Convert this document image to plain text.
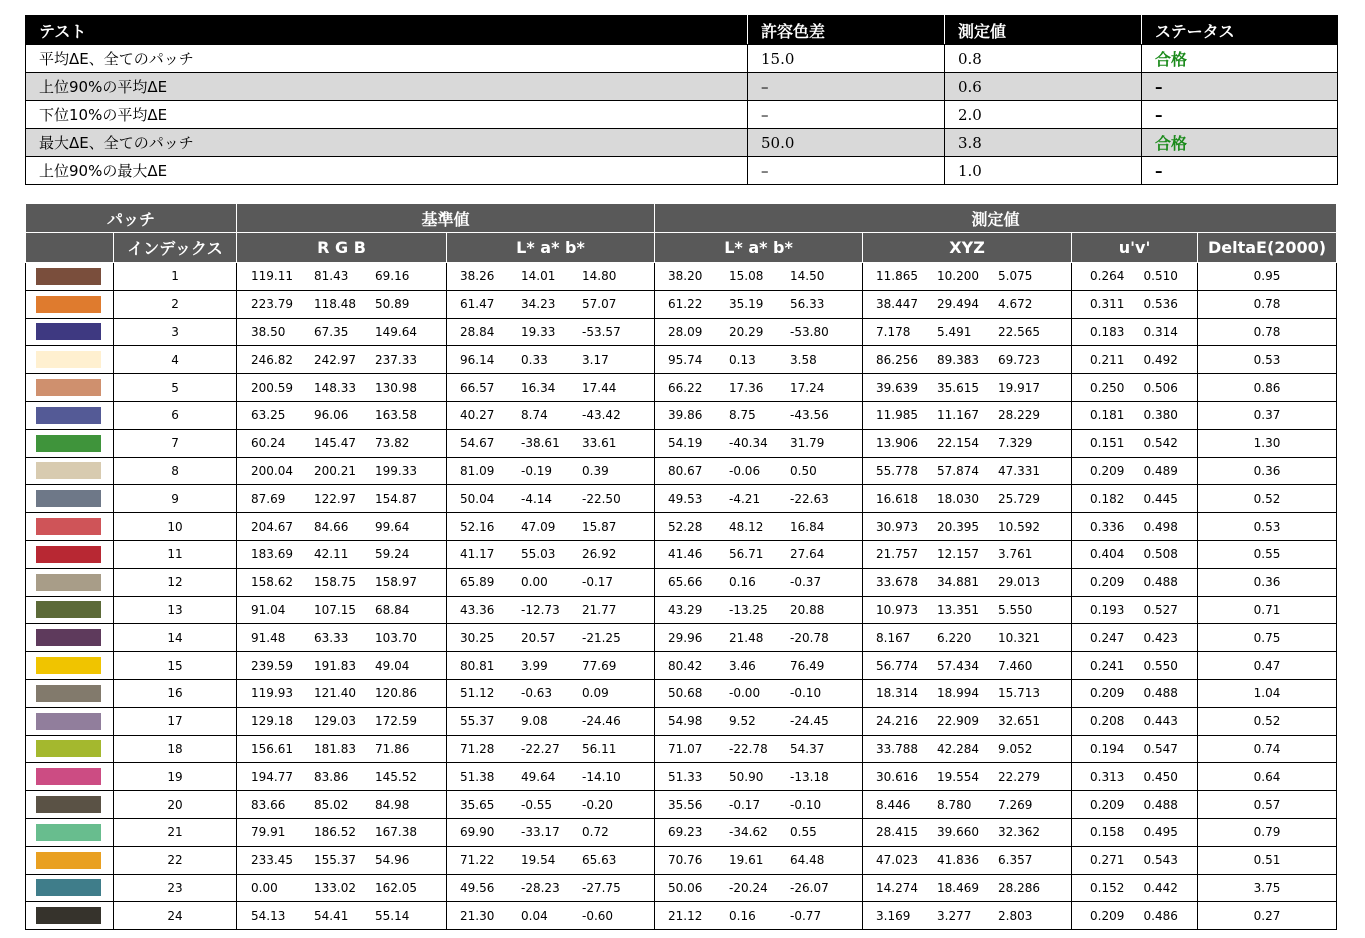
テスト	許容色差	測定値	ステータス
平均ΔE、全てのパッチ	15.0	0.8	合格
上位90%の平均ΔE	–	0.6	–
下位10%の平均ΔE	–	2.0	–
最大ΔE、全てのパッチ	50.0	3.8	合格
上位90%の最大ΔE	–	1.0	–
パッチ		基準値		測定値			
	インデックス	R G B	L* a* b*	L* a* b*	XYZ	u'v'	DeltaE(2000)

	1	119.11 81.43 69.16	38.26 14.01 14.80	38.20 15.08 14.50	11.865 10.200 5.075	0.264 0.510	0.95

	2	223.79 118.48 50.89	61.47 34.23 57.07	61.22 35.19 56.33	38.447 29.494 4.672	0.311 0.536	0.78

	3	38.50 67.35 149.64	28.84 19.33 -53.57	28.09 20.29 -53.80	7.178 5.491 22.565	0.183 0.314	0.78

	4	246.82 242.97 237.33	96.14 0.33 3.17	95.74 0.13 3.58	86.256 89.383 69.723	0.211 0.492	0.53

	5	200.59 148.33 130.98	66.57 16.34 17.44	66.22 17.36 17.24	39.639 35.615 19.917	0.250 0.506	0.86

	6	63.25 96.06 163.58	40.27 8.74 -43.42	39.86 8.75 -43.56	11.985 11.167 28.229	0.181 0.380	0.37

	7	60.24 145.47 73.82	54.67 -38.61 33.61	54.19 -40.34 31.79	13.906 22.154 7.329	0.151 0.542	1.30

	8	200.04 200.21 199.33	81.09 -0.19 0.39	80.67 -0.06 0.50	55.778 57.874 47.331	0.209 0.489	0.36

	9	87.69 122.97 154.87	50.04 -4.14 -22.50	49.53 -4.21 -22.63	16.618 18.030 25.729	0.182 0.445	0.52

	10	204.67 84.66 99.64	52.16 47.09 15.87	52.28 48.12 16.84	30.973 20.395 10.592	0.336 0.498	0.53

	11	183.69 42.11 59.24	41.17 55.03 26.92	41.46 56.71 27.64	21.757 12.157 3.761	0.404 0.508	0.55

	12	158.62 158.75 158.97	65.89 0.00 -0.17	65.66 0.16 -0.37	33.678 34.881 29.013	0.209 0.488	0.36

	13	91.04 107.15 68.84	43.36 -12.73 21.77	43.29 -13.25 20.88	10.973 13.351 5.550	0.193 0.527	0.71

	14	91.48 63.33 103.70	30.25 20.57 -21.25	29.96 21.48 -20.78	8.167 6.220 10.321	0.247 0.423	0.75

	15	239.59 191.83 49.04	80.81 3.99 77.69	80.42 3.46 76.49	56.774 57.434 7.460	0.241 0.550	0.47

	16	119.93 121.40 120.86	51.12 -0.63 0.09	50.68 -0.00 -0.10	18.314 18.994 15.713	0.209 0.488	1.04

	17	129.18 129.03 172.59	55.37 9.08 -24.46	54.98 9.52 -24.45	24.216 22.909 32.651	0.208 0.443	0.52

	18	156.61 181.83 71.86	71.28 -22.27 56.11	71.07 -22.78 54.37	33.788 42.284 9.052	0.194 0.547	0.74

	19	194.77 83.86 145.52	51.38 49.64 -14.10	51.33 50.90 -13.18	30.616 19.554 22.279	0.313 0.450	0.64

	20	83.66 85.02 84.98	35.65 -0.55 -0.20	35.56 -0.17 -0.10	8.446 8.780 7.269	0.209 0.488	0.57

	21	79.91 186.52 167.38	69.90 -33.17 0.72	69.23 -34.62 0.55	28.415 39.660 32.362	0.158 0.495	0.79

	22	233.45 155.37 54.96	71.22 19.54 65.63	70.76 19.61 64.48	47.023 41.836 6.357	0.271 0.543	0.51

	23	0.00 133.02 162.05	49.56 -28.23 -27.75	50.06 -20.24 -26.07	14.274 18.469 28.286	0.152 0.442	3.75

	24	54.13 54.41 55.14	21.30 0.04 -0.60	21.12 0.16 -0.77	3.169 3.277 2.803	0.209 0.486	0.27
